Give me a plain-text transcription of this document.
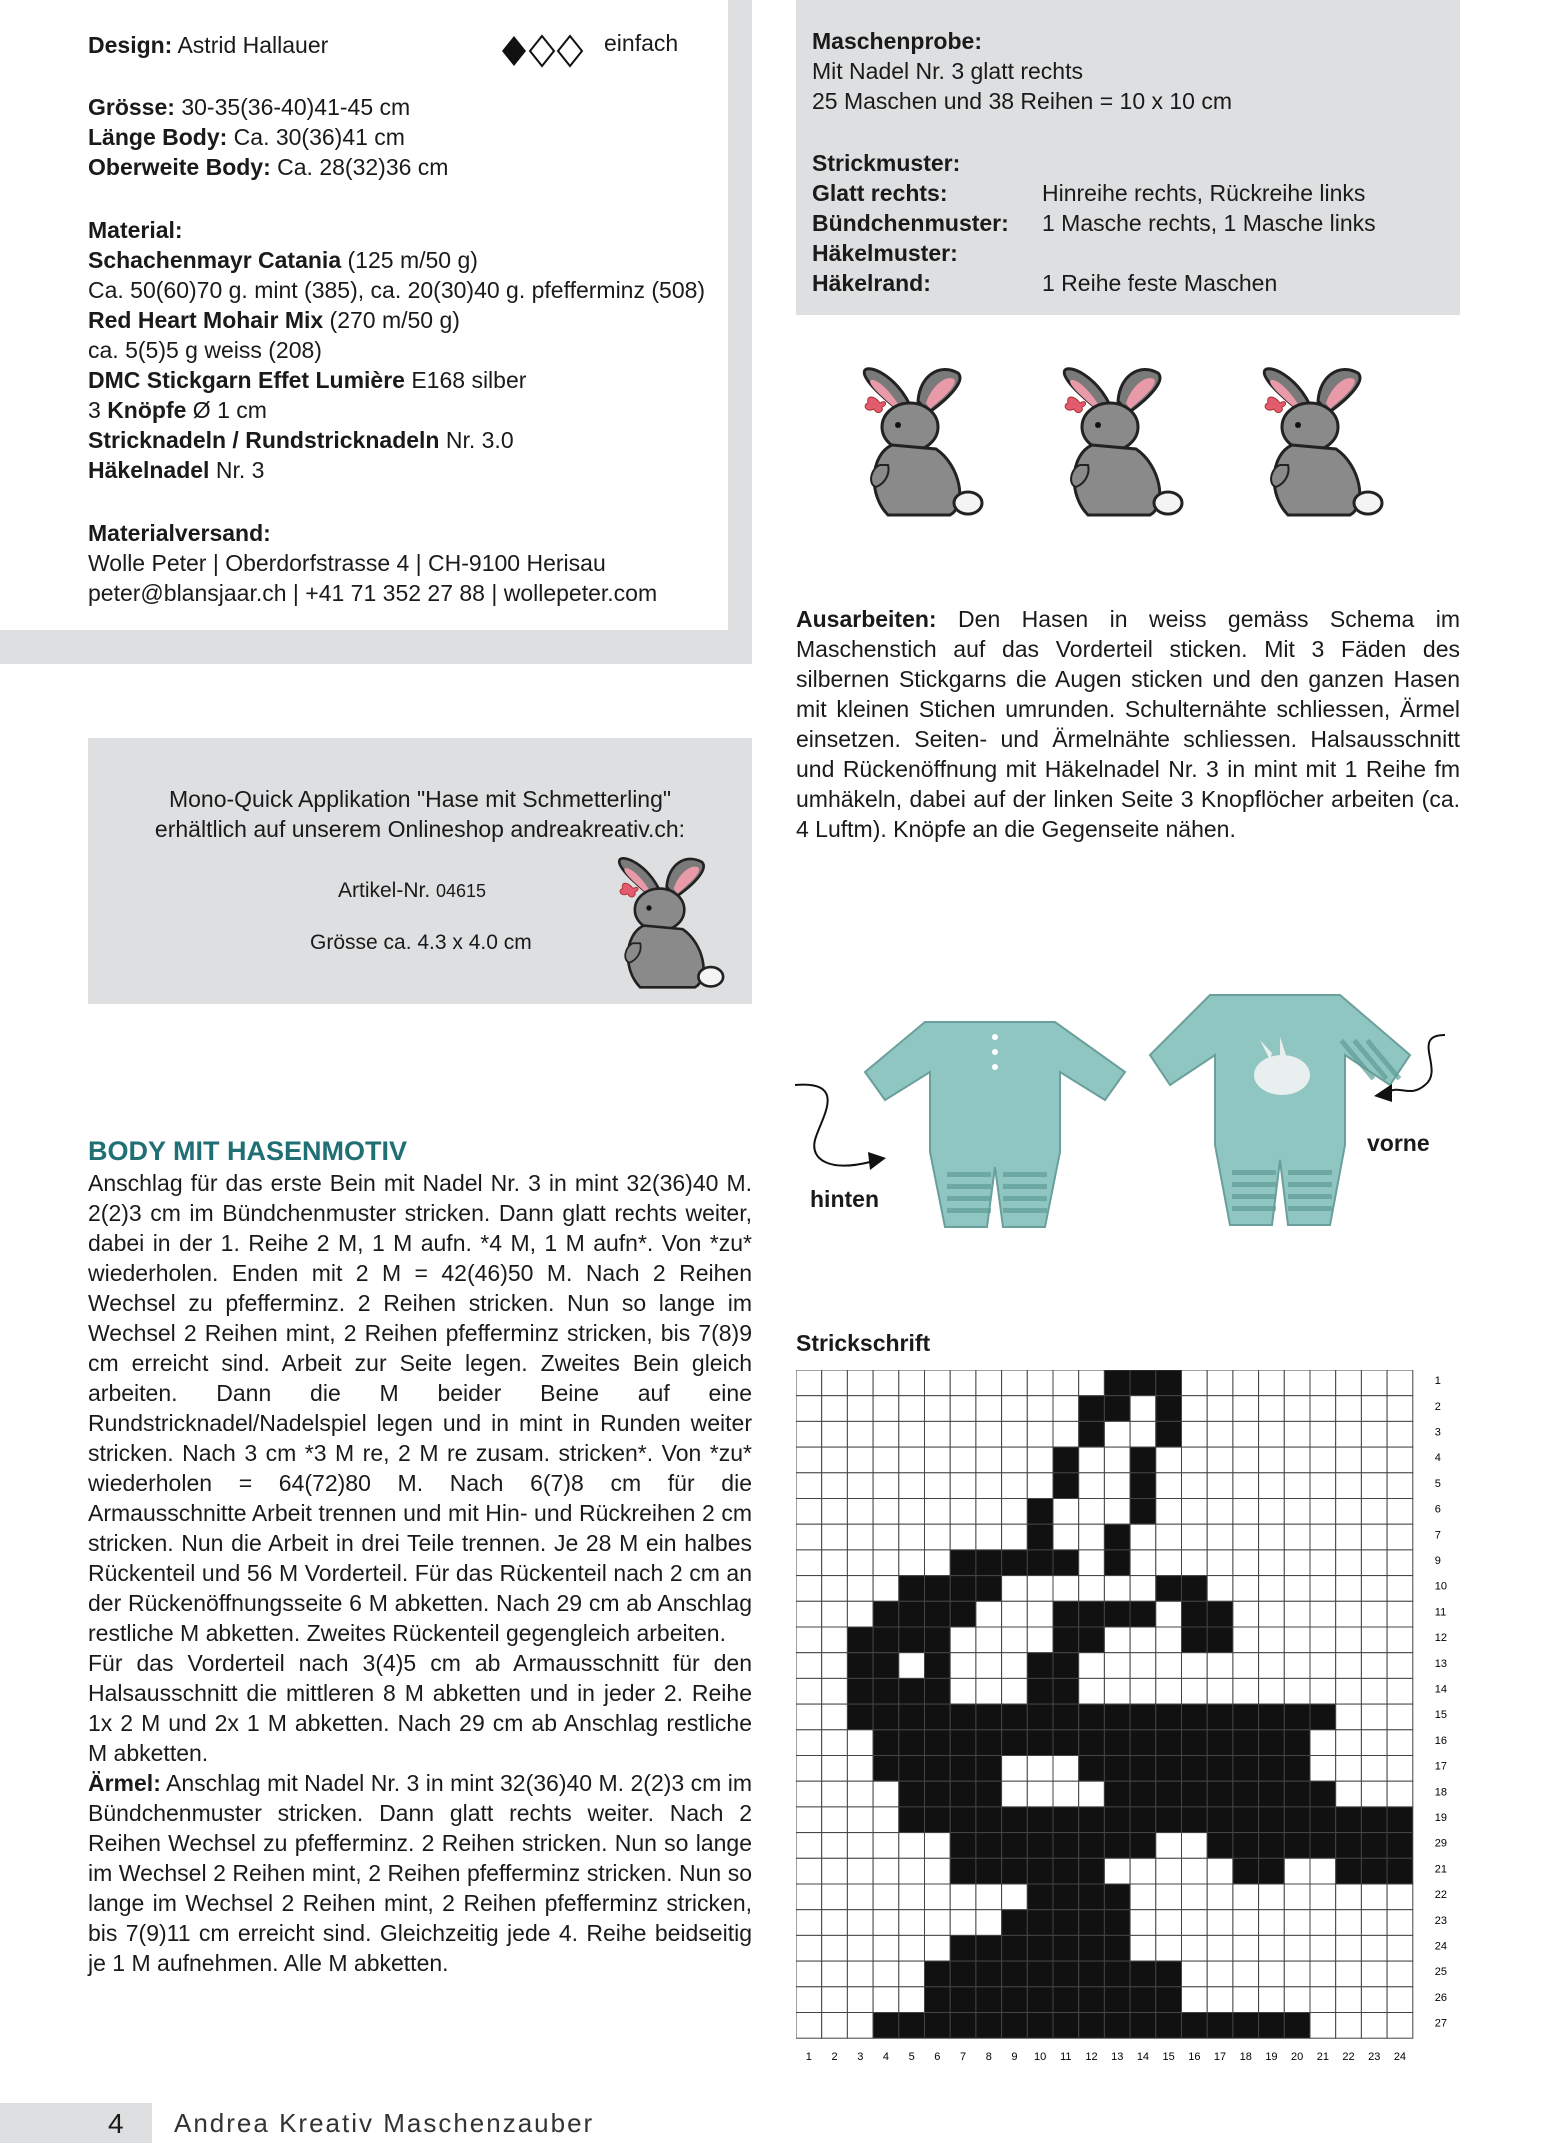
Design: Astrid Hallauer	einfach
Grösse: 30-35(36-40)41-45 cm
Länge Body: Ca. 30(36)41 cm
Oberweite Body: Ca. 28(32)36 cm
Material:
Schachenmayr Catania (125 m/50 g)
Ca. 50(60)70 g. mint (385), ca. 20(30)40 g. pfefferminz (508)
Red Heart Mohair Mix (270 m/50 g)
ca. 5(5)5 g weiss (208)
DMC Stickgarn Effet Lumière E168 silber
3 Knöpfe Ø 1 cm
Stricknadeln / Rundstricknadeln Nr. 3.0
Häkelnadel Nr. 3
Materialversand:
Wolle Peter | Oberdorfstrasse 4 | CH-9100 Herisau
peter@blansjaar.ch | +41 71 352 27 88 | wollepeter.com
Maschenprobe:
Mit Nadel Nr. 3 glatt rechts
25 Maschen und 38 Reihen = 10 x 10 cm
Strickmuster:
Glatt rechts:	Hinreihe rechts, Rückreihe links
Bündchenmuster: 1 Masche rechts, 1 Masche links
Häkelmuster:
Häkelrand:	1 Reihe feste Maschen
Ausarbeiten: Den Hasen in weiss gemäss Schema im Maschenstich auf das Vorderteil sticken. Mit 3 Fäden des silbernen Stickgarns die Augen sticken und den ganzen Hasen mit kleinen Stichen umrunden. Schulternähte schliessen, Ärmel einsetzen. Seiten- und Ärmelnähte schliessen. Halsausschnitt und Rückenöffnung mit Häkelnadel Nr. 3 in mint mit 1 Reihe fm umhäkeln, dabei auf der linken Seite 3 Knopflöcher arbeiten (ca. 4 Luftm). Knöpfe an die Gegenseite nähen.
Mono-Quick Applikation "Hase mit Schmetterling"
erhältlich auf unserem Onlineshop andreakreativ.ch:
Artikel-Nr. 04615
Grösse ca. 4.3 x 4.0 cm
hinten
vorne
BODY MIT HASENMOTIV
Anschlag für das erste Bein mit Nadel Nr. 3 in mint 32(36)40 M. 2(2)3 cm im Bündchenmuster stricken. Dann glatt rechts weiter, dabei in der 1. Reihe 2 M, 1 M aufn. *4 M, 1 M aufn*. Von *zu* wiederholen. Enden mit 2 M = 42(46)50 M. Nach 2 Reihen Wechsel zu pfefferminz. 2 Reihen stricken. Nun so lange im Wechsel 2 Reihen mint, 2 Reihen pfefferminz stricken, bis 7(8)9 cm erreicht sind. Arbeit zur Seite legen. Zweites Bein gleich arbeiten. Dann die M beider Beine auf eine Rundstricknadel/Nadelspiel legen und in mint in Runden weiter stricken. Nach 3 cm *3 M re, 2 M re zusam. stricken*. Von *zu* wiederholen = 64(72)80 M. Nach 6(7)8 cm für die Armausschnitte Arbeit trennen und mit Hin- und Rückreihen 2 cm stricken. Nun die Arbeit in drei Teile trennen. Je 28 M ein halbes Rückenteil und 56 M Vorderteil. Für das Rückenteil nach 2 cm an der Rückenöffnungsseite 6 M abketten. Nach 29 cm ab Anschlag restliche M abketten. Zweites Rückenteil gegengleich arbeiten.
Für das Vorderteil nach 3(4)5 cm ab Armausschnitt für den Halsausschnitt die mittleren 8 M abketten und in jeder 2. Reihe 1x 2 M und 2x 1 M abketten. Nach 29 cm ab Anschlag restliche M abketten.
Ärmel: Anschlag mit Nadel Nr. 3 in mint 32(36)40 M. 2(2)3 cm im Bündchenmuster stricken. Dann glatt rechts weiter. Nach 2 Reihen Wechsel zu pfefferminz. 2 Reihen stricken. Nun so lange im Wechsel 2 Reihen mint, 2 Reihen pfefferminz stricken. Nun so lange im Wechsel 2 Reihen mint, 2 Reihen pfefferminz stricken, bis 7(9)11 cm erreicht sind. Gleichzeitig jede 4. Reihe beidseitig je 1 M aufnehmen. Alle M abketten.
Strickschrift
1
2
3
4
5
6
7
9
10
11
12
13
14
15
16
17
18
19
29
21
22
23
24
25
26
27
1 2 3 4 5 6 7 8 9 10 11 12 13 14 15 16 17 18 19 20 21 22 23 24
4 Andrea Kreativ Maschenzauber
